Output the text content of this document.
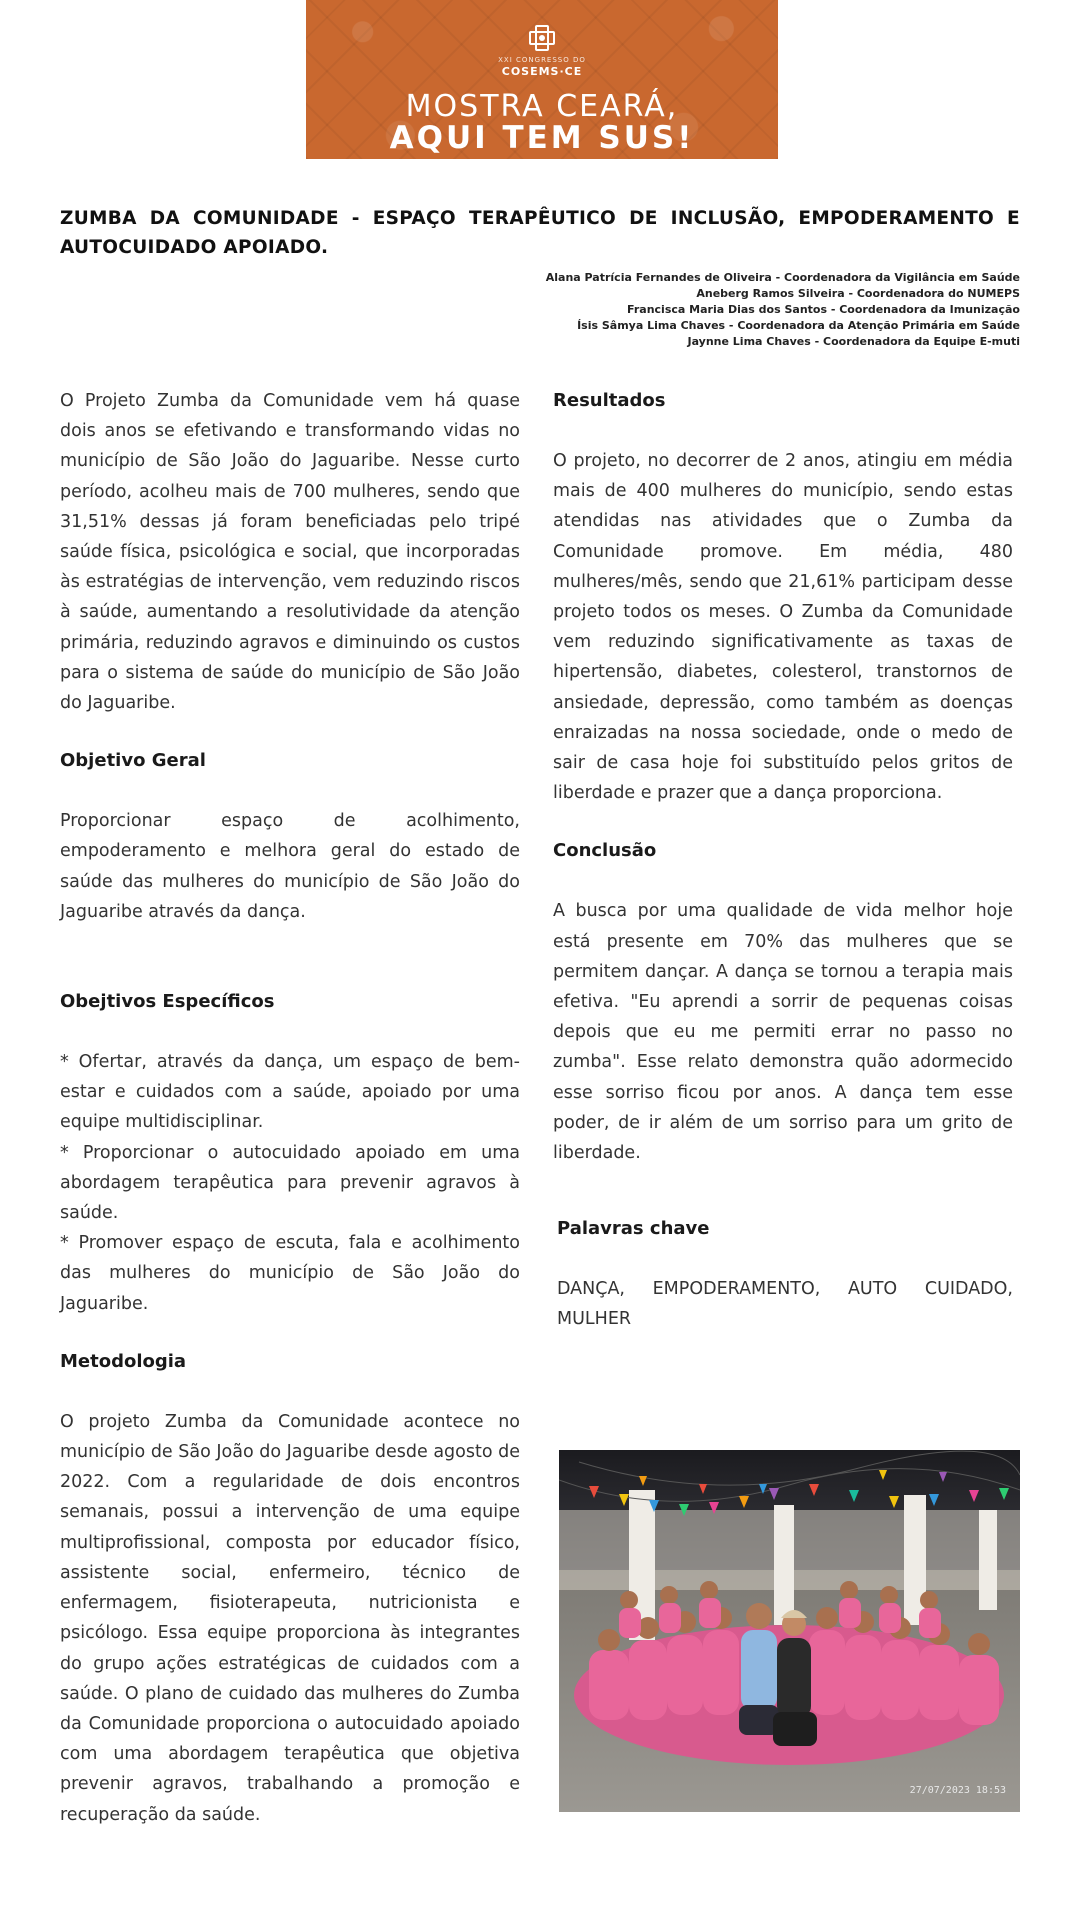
XXI CONGRESSO DO
COSEMS·CE
MOSTRA CEARÁ,
AQUI TEM SUS!
ZUMBA DA COMUNIDADE - ESPAÇO TERAPÊUTICO DE INCLUSÃO, EMPODERAMENTO E AUTOCUIDADO APOIADO.
Alana Patrícia Fernandes de Oliveira - Coordenadora da Vigilância em Saúde
Aneberg Ramos Silveira - Coordenadora do NUMEPS
Francisca Maria Dias dos Santos - Coordenadora da Imunização
Ísis Sâmya Lima Chaves - Coordenadora da Atenção Primária em Saúde
Jaynne Lima Chaves - Coordenadora da Equipe E-muti

O Projeto Zumba da Comunidade vem há quase dois anos se efetivando e transformando vidas no município de São João do Jaguaribe. Nesse curto período, acolheu mais de 700 mulheres, sendo que 31,51% dessas já foram beneficiadas pelo tripé saúde física, psicológica e social, que incorporadas às estratégias de intervenção, vem reduzindo riscos à saúde, aumentando a resolutividade da atenção primária, reduzindo agravos e diminuindo os custos para o sistema de saúde do município de São João do Jaguaribe.

Objetivo Geral

Proporcionar espaço de acolhimento, empoderamento e melhora geral do estado de saúde das mulheres do município de São João do Jaguaribe através da dança.

Obejtivos Específicos

* Ofertar, através da dança, um espaço de bem-estar e cuidados com a saúde, apoiado por uma equipe multidisciplinar.

* Proporcionar o autocuidado apoiado em uma abordagem terapêutica para prevenir agravos à saúde.

* Promover espaço de escuta, fala e acolhimento das mulheres do município de São João do Jaguaribe.

Metodologia

O projeto Zumba da Comunidade acontece no município de São João do Jaguaribe desde agosto de 2022. Com a regularidade de dois encontros semanais, possui a intervenção de uma equipe multiprofissional, composta por educador físico, assistente social, enfermeiro, técnico de enfermagem, fisioterapeuta, nutricionista e psicólogo. Essa equipe proporciona às integrantes do grupo ações estratégicas de cuidados com a saúde. O plano de cuidado das mulheres do Zumba da Comunidade proporciona o autocuidado apoiado com uma abordagem terapêutica que objetiva prevenir agravos, trabalhando a promoção e recuperação da saúde.

Resultados

O projeto, no decorrer de 2 anos, atingiu em média mais de 400 mulheres do município, sendo estas atendidas nas atividades que o Zumba da Comunidade promove. Em média, 480 mulheres/mês, sendo que 21,61% participam desse projeto todos os meses. O Zumba da Comunidade vem reduzindo significativamente as taxas de hipertensão, diabetes, colesterol, transtornos de ansiedade, depressão, como também as doenças enraizadas na nossa sociedade, onde o medo de sair de casa hoje foi substituído pelos gritos de liberdade e prazer que a dança proporciona.

Conclusão

A busca por uma qualidade de vida melhor hoje está presente em 70% das mulheres que se permitem dançar. A dança se tornou a terapia mais efetiva. "Eu aprendi a sorrir de pequenas coisas depois que eu me permiti errar no passo no zumba". Esse relato demonstra quão adormecido esse sorriso ficou por anos. A dança tem esse poder, de ir além de um sorriso para um grito de liberdade.

Palavras chave

DANÇA, EMPODERAMENTO, AUTO CUIDADO, MULHER

27/07/2023 18:53
